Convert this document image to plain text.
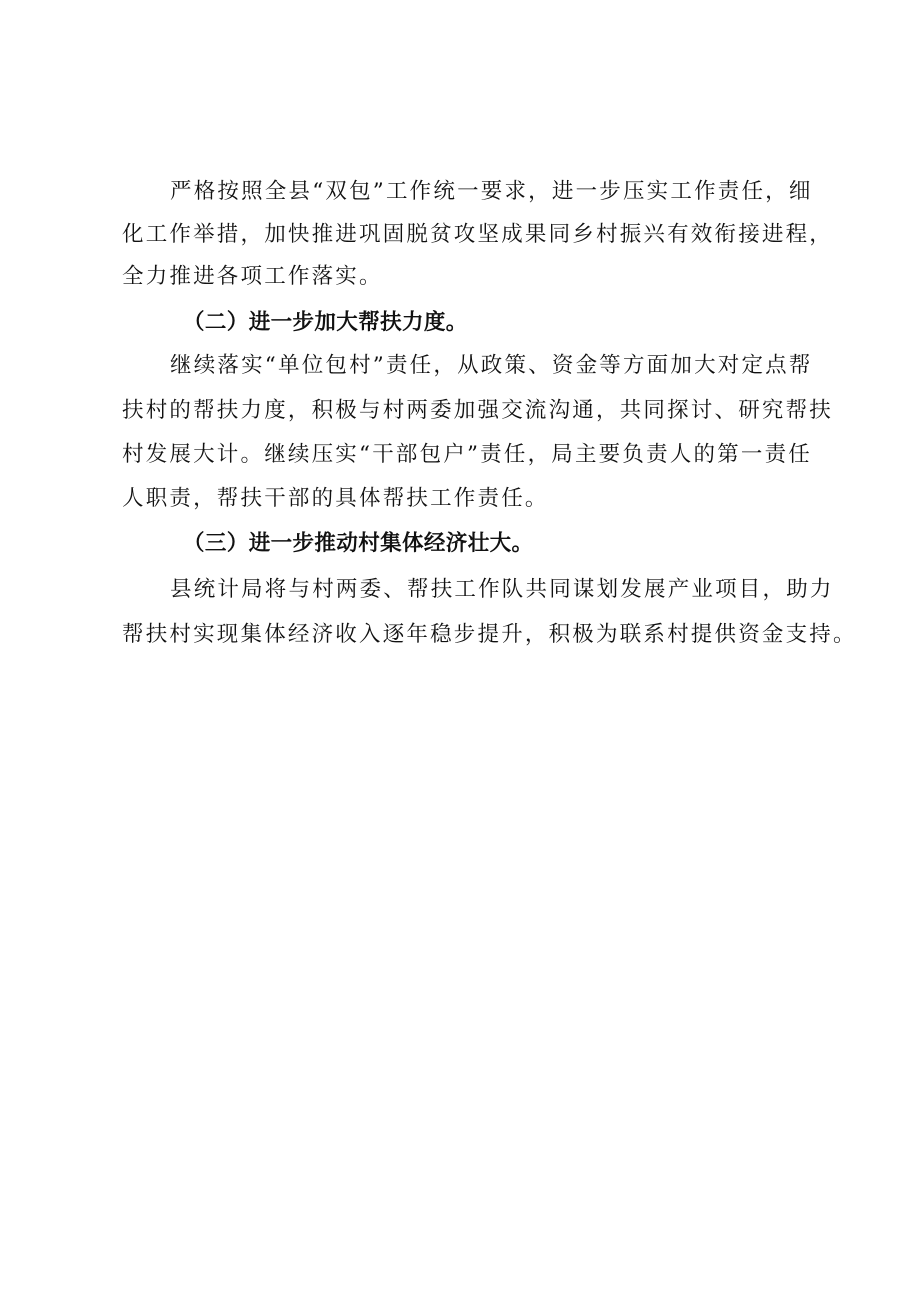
严格按照全县“双包”工作统一要求，进一步压实工作责任，细
化工作举措，加快推进巩固脱贫攻坚成果同乡村振兴有效衔接进程，
全力推进各项工作落实。
（二）进一步加大帮扶力度。
继续落实“单位包村”责任，从政策、资金等方面加大对定点帮
扶村的帮扶力度，积极与村两委加强交流沟通，共同探讨、研究帮扶
村发展大计。继续压实“干部包户”责任，局主要负责人的第一责任
人职责，帮扶干部的具体帮扶工作责任。
（三）进一步推动村集体经济壮大。
县统计局将与村两委、帮扶工作队共同谋划发展产业项目，助力
帮扶村实现集体经济收入逐年稳步提升，积极为联系村提供资金支持。
